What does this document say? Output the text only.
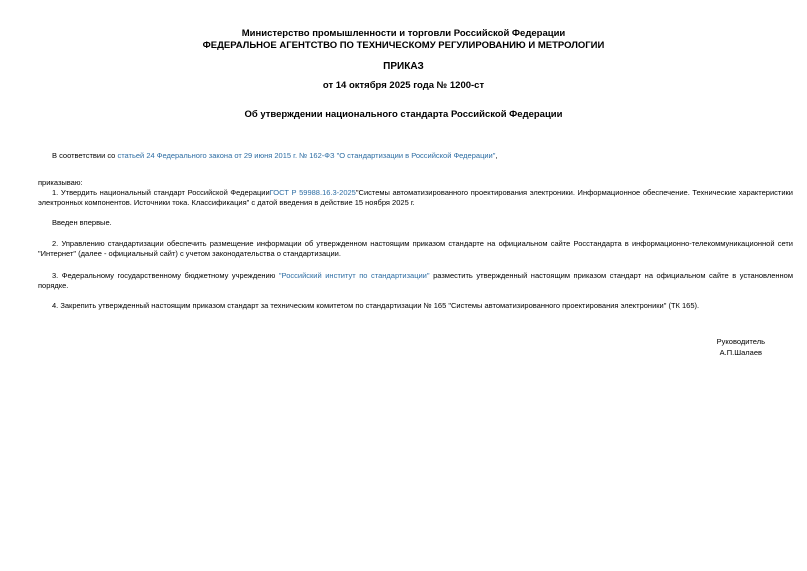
Министерство промышленности и торговли Российской Федерации

ФЕДЕРАЛЬНОЕ АГЕНТСТВО ПО ТЕХНИЧЕСКОМУ РЕГУЛИРОВАНИЮ И МЕТРОЛОГИИ

ПРИКАЗ

от 14 октября 2025 года № 1200-ст

Об утверждении национального стандарта Российской Федерации

В соответствии со статьей 24 Федерального закона от 29 июня 2015 г. № 162-ФЗ "О стандартизации в Российской Федерации",

приказываю:

1. Утвердить национальный стандарт Российской ФедерацииГОСТ Р 59988.16.3-2025"Системы автоматизированного проектирования электроники. Информационное обеспечение. Технические характеристики электронных компонентов. Источники тока. Классификация" с датой введения в действие 15 ноября 2025 г.

Введен впервые.

2. Управлению стандартизации обеспечить размещение информации об утвержденном настоящим приказом стандарте на официальном сайте Росстандарта в информационно-телекоммуникационной сети "Интернет" (далее - официальный сайт) с учетом законодательства о стандартизации.

3. Федеральному государственному бюджетному учреждению "Российский институт по стандартизации" разместить утвержденный настоящим приказом стандарт на официальном сайте в установленном порядке.

4. Закрепить утвержденный настоящим приказом стандарт за техническим комитетом по стандартизации № 165 "Системы автоматизированного проектирования электроники" (ТК 165).

Руководитель
А.П.Шалаев
